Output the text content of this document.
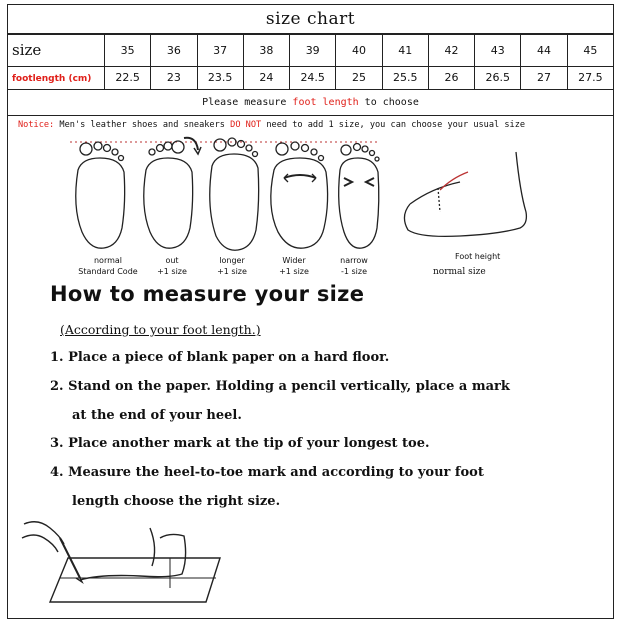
size chart
size	35	36	37	38	39	40	41	42	43	44	45
footlength (cm)	22.5	23	23.5	24	24.5	25	25.5	26	26.5	27	27.5
Please measure foot length to choose
Notice: Men's leather shoes and sneakers DO NOT need to add 1 size, you can choose your usual size
normal
Standard Code
out
+1 size
longer
+1 size
Wider
+1 size
narrow
-1 size
Foot height
normal size
How to measure your size
(According to your foot length.)
1. Place a piece of blank paper on a hard floor.
2. Stand on the paper. Holding a pencil vertically, place a mark
at the end of your heel.
3. Place another mark at the tip of your longest toe.
4. Measure the heel-to-toe mark and according to your foot
length choose the right size.
